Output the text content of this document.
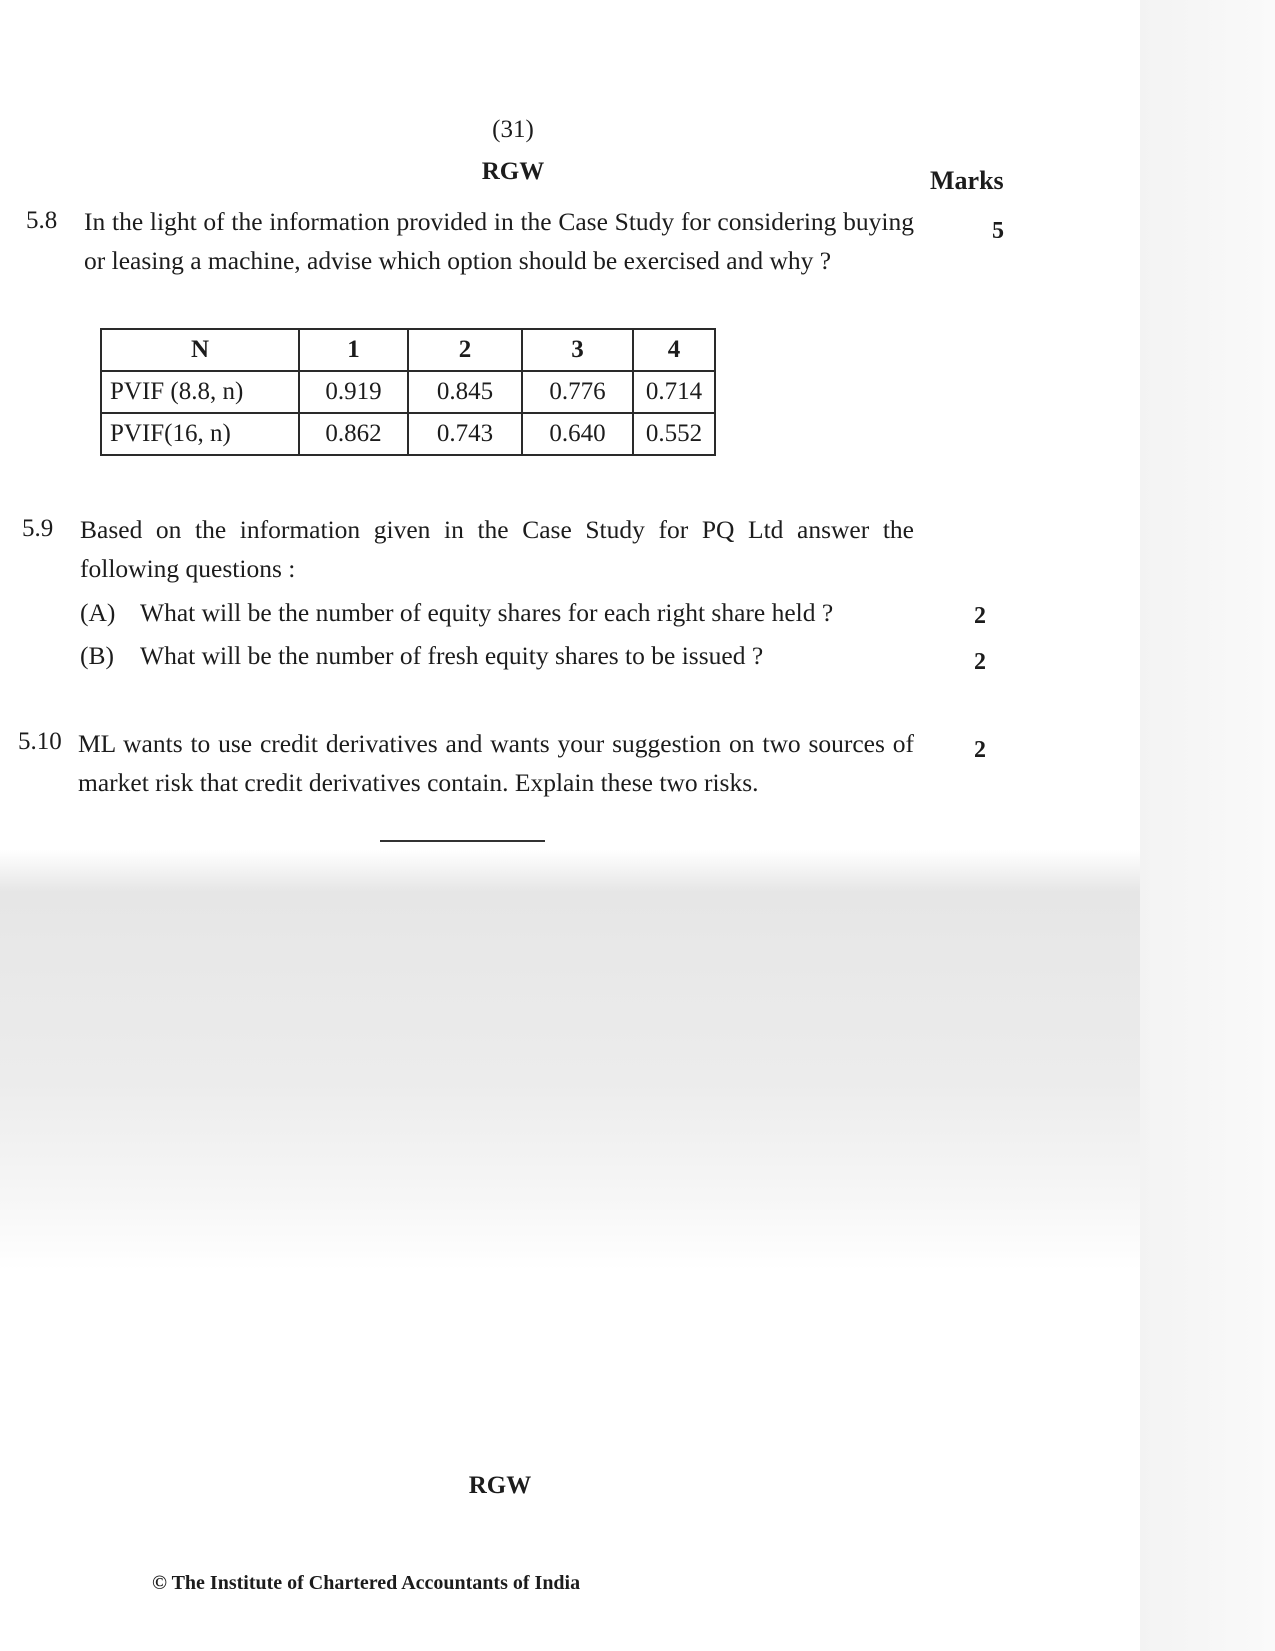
(31)
RGW	Marks
5.8 In the light of the information provided in the Case Study for considering buying or leasing a machine, advise which option should be exercised and why ?
5
N	1	2	3	4
PVIF (8.8, n)	0.919	0.845	0.776	0.714
PVIF(16, n)	0.862	0.743	0.640	0.552
5.9 Based on the information given in the Case Study for PQ Ltd answer the following questions :
(A) What will be the number of equity shares for each right share held ?	2
(B) What will be the number of fresh equity shares to be issued ?	2
5.10 ML wants to use credit derivatives and wants your suggestion on two sources of market risk that credit derivatives contain. Explain these two risks.
2
RGW
© The Institute of Chartered Accountants of India
